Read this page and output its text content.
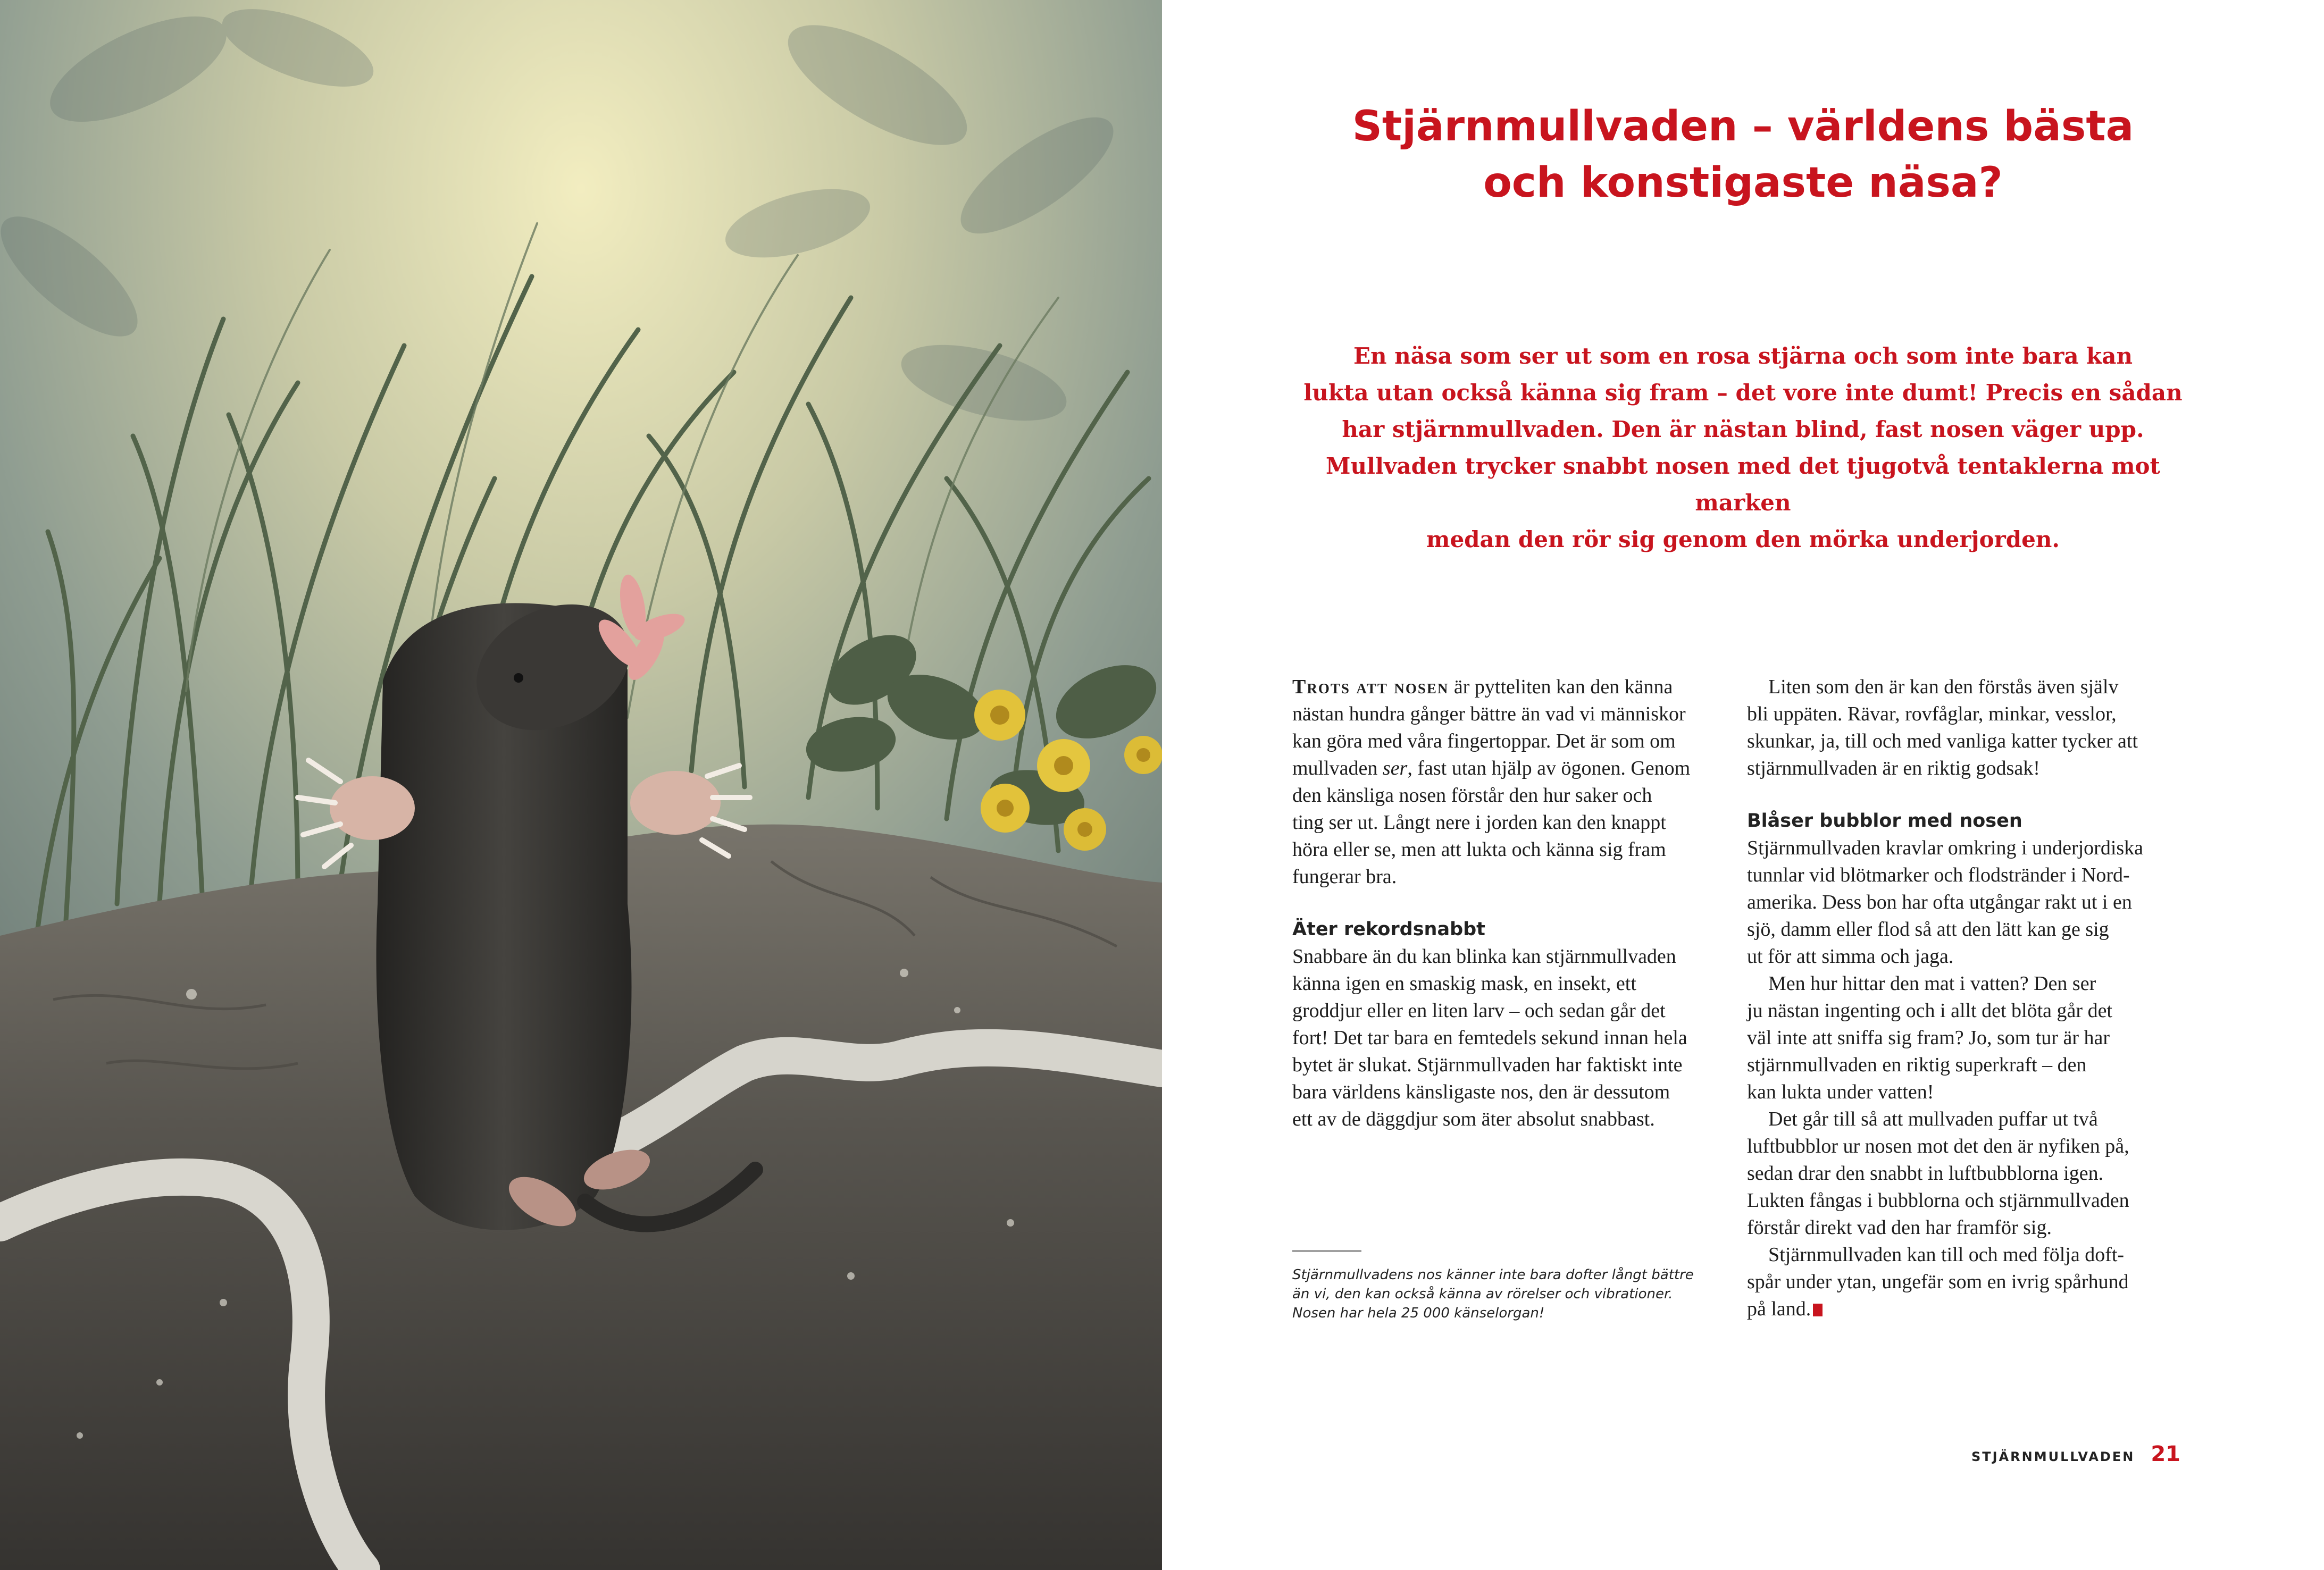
Stjärnmullvaden – världens bästa
och konstigaste näsa?

En näsa som ser ut som en rosa stjärna och som inte bara kan
lukta utan också känna sig fram – det vore inte dumt! Precis en sådan
har stjärnmullvaden. Den är nästan blind, fast nosen väger upp.
Mullvaden trycker snabbt nosen med det tjugotvå tentaklerna mot marken
medan den rör sig genom den mörka underjorden.

Trots att nosen är pytteliten kan den känna
nästan hundra gånger bättre än vad vi människor
kan göra med våra fingertoppar. Det är som om
mullvaden ser, fast utan hjälp av ögonen. Genom
den känsliga nosen förstår den hur saker och
ting ser ut. Långt nere i jorden kan den knappt
höra eller se, men att lukta och känna sig fram
fungerar bra.

Äter rekordsnabbt

Snabbare än du kan blinka kan stjärnmullvaden
känna igen en smaskig mask, en insekt, ett
groddjur eller en liten larv – och sedan går det
fort! Det tar bara en femtedels sekund innan hela
bytet är slukat. Stjärnmullvaden har faktiskt inte
bara världens känsligaste nos, den är dessutom
ett av de däggdjur som äter absolut snabbast.

Liten som den är kan den förstås även själv
bli uppäten. Rävar, rovfåglar, minkar, vesslor,
skunkar, ja, till och med vanliga katter tycker att
stjärnmullvaden är en riktig godsak!

Blåser bubblor med nosen

Stjärnmullvaden kravlar omkring i underjordiska
tunnlar vid blötmarker och flodstränder i Nord-
amerika. Dess bon har ofta utgångar rakt ut i en
sjö, damm eller flod så att den lätt kan ge sig
ut för att simma och jaga.

Men hur hittar den mat i vatten? Den ser
ju nästan ingenting och i allt det blöta går det
väl inte att sniffa sig fram? Jo, som tur är har
stjärnmullvaden en riktig superkraft – den
kan lukta under vatten!

Det går till så att mullvaden puffar ut två
luftbubblor ur nosen mot det den är nyfiken på,
sedan drar den snabbt in luftbubblorna igen.
Lukten fångas i bubblorna och stjärnmullvaden
förstår direkt vad den har framför sig.

Stjärnmullvaden kan till och med följa doft-
spår under ytan, ungefär som en ivrig spårhund
på land.

Stjärnmullvadens nos känner inte bara dofter långt bättre
än vi, den kan också känna av rörelser och vibrationer.
Nosen har hela 25 000 känselorgan!
STJÄRNMULLVADEN 21
